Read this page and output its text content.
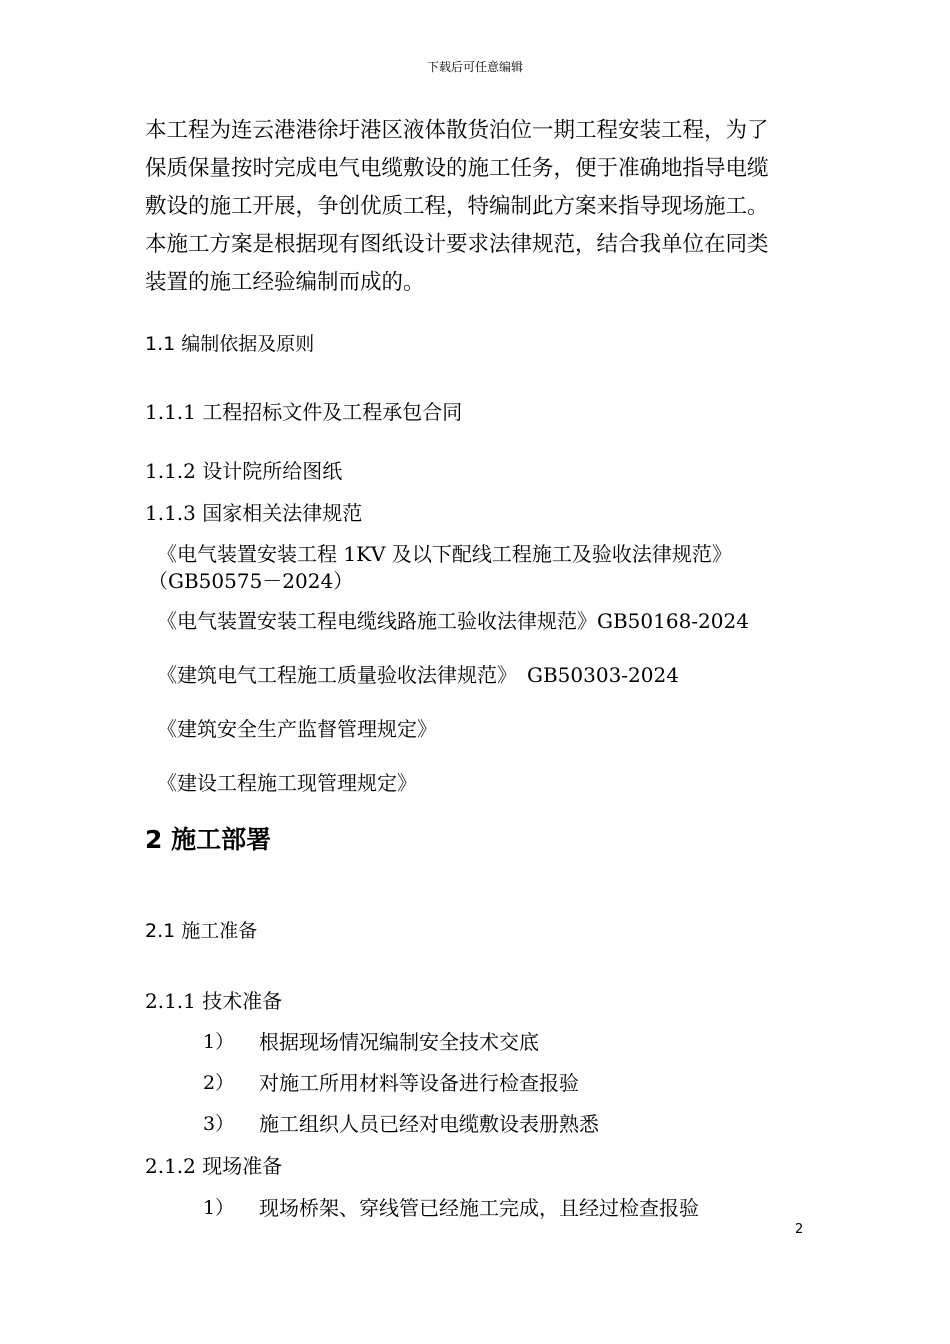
下载后可任意编辑
本工程为连云港港徐圩港区液体散货泊位一期工程安装工程，为了
保质保量按时完成电气电缆敷设的施工任务，便于准确地指导电缆
敷设的施工开展，争创优质工程，特编制此方案来指导现场施工。
本施工方案是根据现有图纸设计要求法律规范，结合我单位在同类
装置的施工经验编制而成的。
1.1 编制依据及原则
1.1.1 工程招标文件及工程承包合同
1.1.2 设计院所给图纸
1.1.3 国家相关法律规范
《电气装置安装工程 1KV 及以下配线工程施工及验收法律规范》
（GB50575－2024）
《电气装置安装工程电缆线路施工验收法律规范》GB50168-2024
《建筑电气工程施工质量验收法律规范》　GB50303-2024
《建筑安全生产监督管理规定》
《建设工程施工现管理规定》
2 施工部署
2.1 施工准备
2.1.1 技术准备
1） 根据现场情况编制安全技术交底
2） 对施工所用材料等设备进行检查报验
3） 施工组织人员已经对电缆敷设表册熟悉
2.1.2 现场准备
1） 现场桥架、穿线管已经施工完成，且经过检查报验
2
